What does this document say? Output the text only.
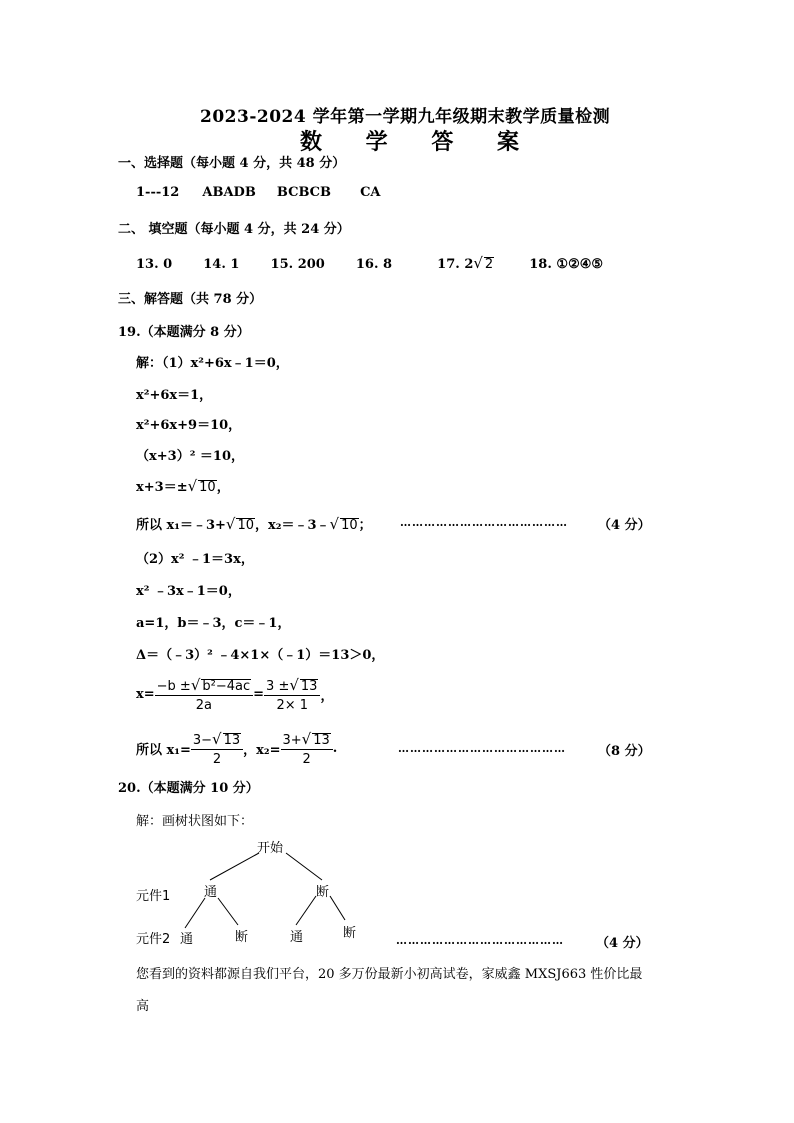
2023-2024 学年第一学期九年级期末教学质量检测
数 学 答 案
一、选择题（每小题 4 分，共 48 分）
1---12 ABADB BCBCB CA
二、 填空题（每小题 4 分，共 24 分）
13. 0 14. 1 15. 200 16. 8	17. 2√ 2	18. ①②④⑤
三、解答题（共 78 分）
19.（本题满分 8 分）
解：（1）x²+6x﹣1＝0，
x²+6x＝1，
x²+6x+9＝10，
（x+3）² ＝10，
x+3＝±√ 10，
所以 x₁＝﹣3+√ 10，x₂＝﹣3﹣√ 10；	…………………………………… （4 分）
（2）x² ﹣1＝3x，
x² ﹣3x﹣1＝0，
a=1，b＝﹣3，c＝﹣1，
Δ＝（﹣3）² ﹣4×1×（﹣1）＝13＞0，
$x= \frac{\text{−b ±√ b²−4ac}}{2a} = \frac{3 \pm√ 13}{2\times 1}$ ，
所以 $x_1= \frac{3-√ 13}{2}$ ，$x_2= \frac{3+√ 13}{2}$ .	…………………………………… （8 分）
20.（本题满分 10 分）
解：画树状图如下：
开始
元件1	通	断
元件2 通	断	通	断	…………………………………… （4 分）
您看到的资料都源自我们平台，20 多万份最新小初高试卷，家威鑫 MXSJ663 性价比最
高
